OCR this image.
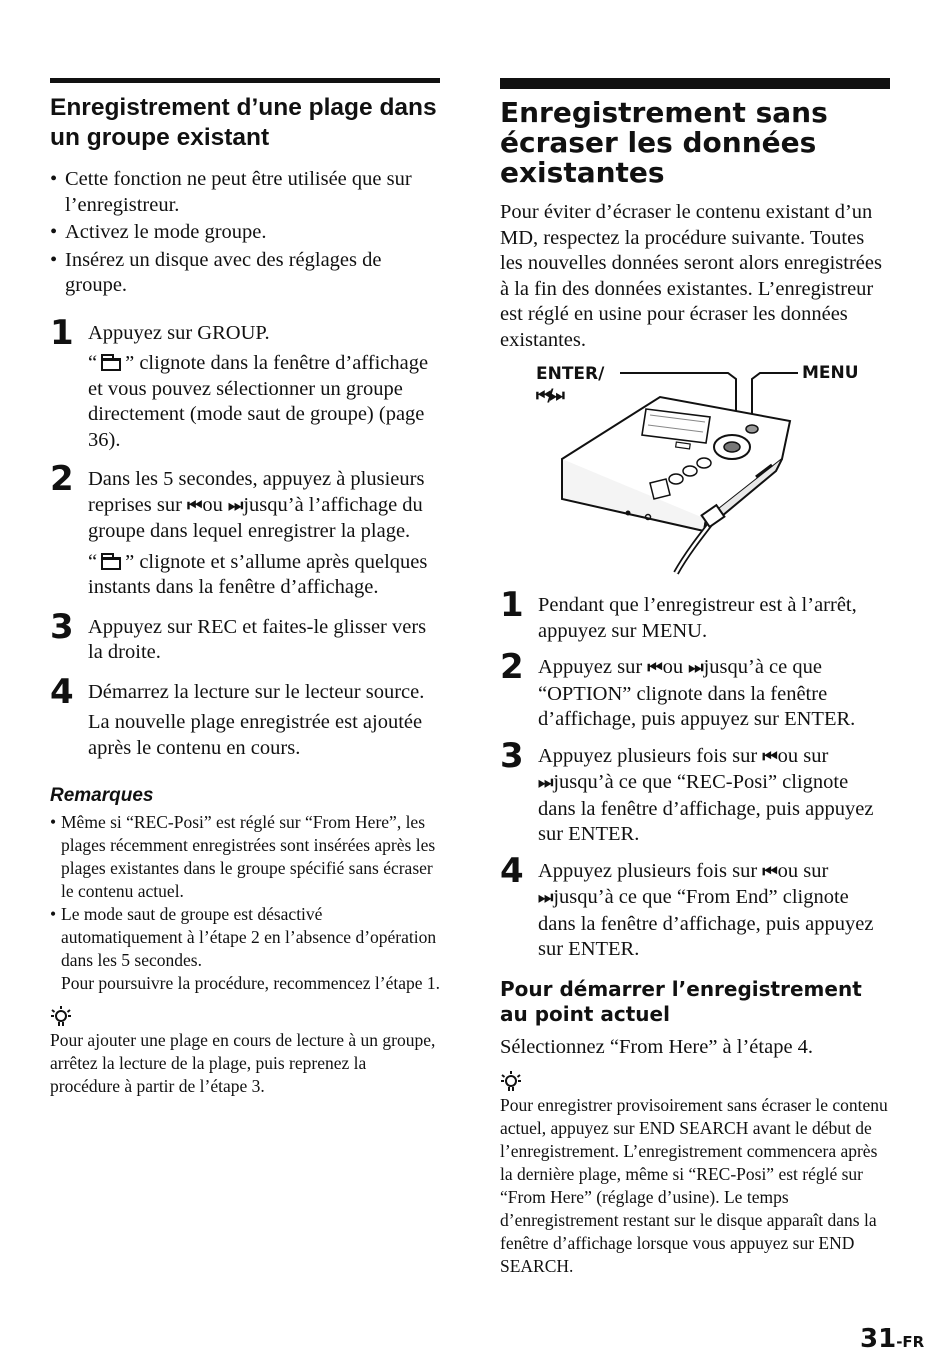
Enregistrement d’une plage dans un groupe existant
• Cette fonction ne peut être utilisée que sur l’enregistreur.
• Activez le mode groupe.
• Insérez un disque avec des réglages de groupe.
1 Appuyez sur GROUP.

“ ” clignote dans la fenêtre d’affichage et vous pouvez sélectionner un groupe directement (mode saut de groupe) (page 36).

2 Dans les 5 secondes, appuyez à plusieurs reprises sur ⏮ ou ⏭ jusqu’à l’affichage du groupe dans lequel enregistrer la plage.

“ ” clignote et s’allume après quelques instants dans la fenêtre d’affichage.

3 Appuyez sur REC et faites-le glisser vers la droite.

4 Démarrez la lecture sur le lecteur source.

La nouvelle plage enregistrée est ajoutée après le contenu en cours.

Remarques
• Même si “REC-Posi” est réglé sur “From Here”, les plages récemment enregistrées sont insérées après les plages existantes dans le groupe spécifié sans écraser le contenu actuel.
• Le mode saut de groupe est désactivé automatiquement à l’étape 2 en l’absence d’opération dans les 5 secondes.
Pour poursuivre la procédure, recommencez l’étape 1.
Pour ajouter une plage en cours de lecture à un groupe, arrêtez la lecture de la plage, puis reprenez la procédure à partir de l’étape 3.
Enregistrement sans écraser les données existantes
Pour éviter d’écraser le contenu existant d’un MD, respectez la procédure suivante. Toutes les nouvelles données seront alors enregistrées à la fin des données existantes. L’enregistreur est réglé en usine pour écraser les données existantes.
ENTER/
⏮/⏭
MENU
1 Pendant que l’enregistreur est à l’arrêt, appuyez sur MENU.

2 Appuyez sur ⏮ ou ⏭ jusqu’à ce que “OPTION” clignote dans la fenêtre d’affichage, puis appuyez sur ENTER.

3 Appuyez plusieurs fois sur ⏮ ou sur ⏭ jusqu’à ce que “REC-Posi” clignote dans la fenêtre d’affichage, puis appuyez sur ENTER.

4 Appuyez plusieurs fois sur ⏮ ou sur ⏭ jusqu’à ce que “From End” clignote dans la fenêtre d’affichage, puis appuyez sur ENTER.

Pour démarrer l’enregistrement au point actuel
Sélectionnez “From Here” à l’étape 4.
Pour enregistrer provisoirement sans écraser le contenu actuel, appuyez sur END SEARCH avant le début de l’enregistrement. L’enregistrement commencera après la dernière plage, même si “REC-Posi” est réglé sur “From Here” (réglage d’usine). Le temps d’enregistrement restant sur le disque apparaît dans la fenêtre d’affichage lorsque vous appuyez sur END SEARCH.
31-FR
